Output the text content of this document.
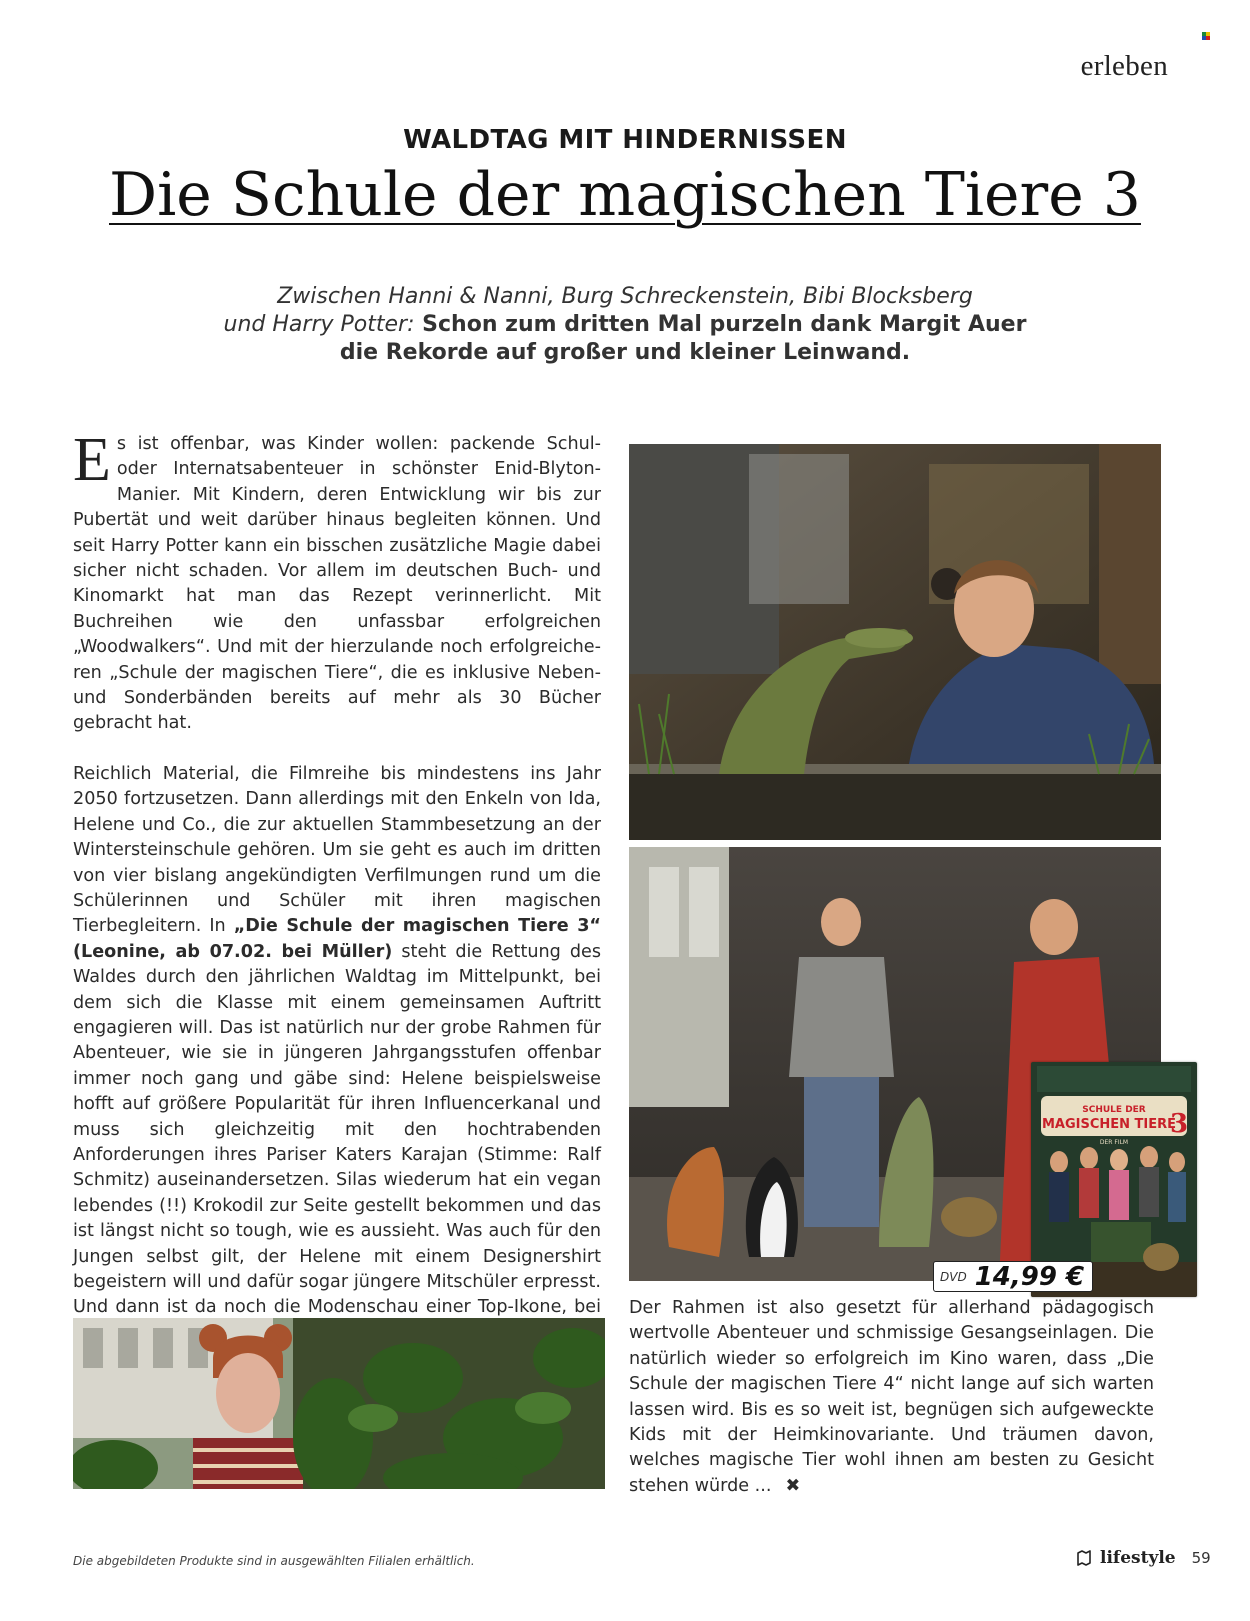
erleben
WALDTAG MIT HINDERNISSEN
Die Schule der magischen Tiere 3
Zwischen Hanni & Nanni, Burg Schreckenstein, Bibi Blocksberg
und Harry Potter: Schon zum dritten Mal purzeln dank Margit Auer
die Rekorde auf großer und kleiner Leinwand.

Es ist offenbar, was Kinder wollen: packende Schul- oder Internatsabenteuer in schönster Enid-Blyton-Manier. Mit Kindern, deren Entwicklung wir bis zur Pubertät und weit darüber hinaus begleiten können. Und seit Harry Potter kann ein bisschen zusätzliche Magie dabei sicher nicht schaden. Vor allem im deutschen Buch- und Kinomarkt hat man das Rezept verinnerlicht. Mit Buchreihen wie den unfassbar erfolgreichen „Woodwalkers“. Und mit der hierzulande noch erfolgreicheren „Schule der magischen Tiere“, die es inklusive Neben- und Sonderbänden bereits auf mehr als 30 Bücher gebracht hat.

Reichlich Material, die Filmreihe bis mindestens ins Jahr 2050 fortzusetzen. Dann allerdings mit den Enkeln von Ida, Helene und Co., die zur aktuellen Stammbesetzung an der Wintersteinschule gehören. Um sie geht es auch im dritten von vier bislang angekündigten Verfilmungen rund um die Schülerinnen und Schüler mit ihren magischen Tierbegleitern. In „Die Schule der magischen Tiere 3“ (Leonine, ab 07.02. bei Müller) steht die Rettung des Waldes durch den jährlichen Waldtag im Mittelpunkt, bei dem sich die Klasse mit einem gemeinsamen Auftritt engagieren will. Das ist natürlich nur der grobe Rahmen für Abenteuer, wie sie in jüngeren Jahrgangsstufen offenbar immer noch gang und gäbe sind: Helene beispielsweise hofft auf größere Popularität für ihren Influencerkanal und muss sich gleichzeitig mit den hochtrabenden Anforderungen ihres Pariser Katers Karajan (Stimme: Ralf Schmitz) auseinandersetzen. Silas wiederum hat ein vegan lebendes (!!) Krokodil zur Seite gestellt bekommen und das ist längst nicht so tough, wie es aussieht. Was auch für den Jungen selbst gilt, der Helene mit einem Designershirt begeistern will und dafür sogar jüngere Mitschüler erpresst. Und dann ist da noch die Modenschau einer Top-Ikone, bei

SCHULE DER
MAGISCHEN TIERE
3
DER FILM
DVD 14,99 €

Der Rahmen ist also gesetzt für allerhand pädagogisch wertvolle Abenteuer und schmissige Gesangseinlagen. Die natürlich wieder so erfolgreich im Kino waren, dass „Die Schule der magischen Tiere 4“ nicht lange auf sich warten lassen wird. Bis es so weit ist, begnügen sich aufgeweckte Kids mit der Heimkinovariante. Und träumen davon, welches magische Tier wohl ihnen am besten zu Gesicht stehen würde ... ✖

Die abgebildeten Produkte sind in ausgewählten Filialen erhältlich.	lifestyle 59
